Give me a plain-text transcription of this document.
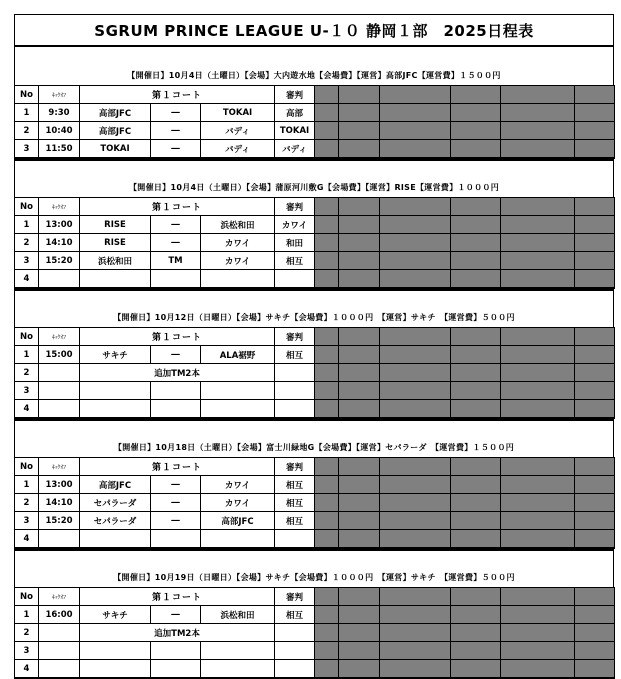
SGRUM PRINCE LEAGUE U-１０ 静岡１部　2025日程表
【開催日】10月4日（土曜日）【会場】大内遊水地【会場費】【運営】高部JFC【運営費】１５００円
No	ｷｯｸｵﾌ	第１コート			審判						
1	9:30	高部JFC	―	TOKAI	高部						
2	10:40	高部JFC	―	バディ	TOKAI						
3	11:50	TOKAI	―	バディ	バディ						
【開催日】10月4日（土曜日）【会場】蒲原河川敷G【会場費】【運営】RISE【運営費】１０００円
No	ｷｯｸｵﾌ	第１コート			審判						
1	13:00	RISE	―	浜松和田	カワイ						
2	14:10	RISE	―	カワイ	和田						
3	15:20	浜松和田	TM	カワイ	相互						
4											
【開催日】10月12日（日曜日）【会場】サキチ【会場費】１０００円　【運営】サキチ　【運営費】５００円
No	ｷｯｸｵﾌ	第１コート			審判						
1	15:00	サキチ	―	ALA裾野	相互						
2		追加TM2本									
3											
4											
【開催日】10月18日（土曜日）【会場】富士川緑地G【会場費】【運営】セパラーダ　【運営費】１５００円
No	ｷｯｸｵﾌ	第１コート			審判						
1	13:00	高部JFC	―	カワイ	相互						
2	14:10	セパラーダ	―	カワイ	相互						
3	15:20	セパラーダ	―	高部JFC	相互						
4											
【開催日】10月19日（日曜日）【会場】サキチ【会場費】１０００円　【運営】サキチ　【運営費】５００円
No	ｷｯｸｵﾌ	第１コート			審判						
1	16:00	サキチ	―	浜松和田	相互						
2		追加TM2本									
3											
4											
